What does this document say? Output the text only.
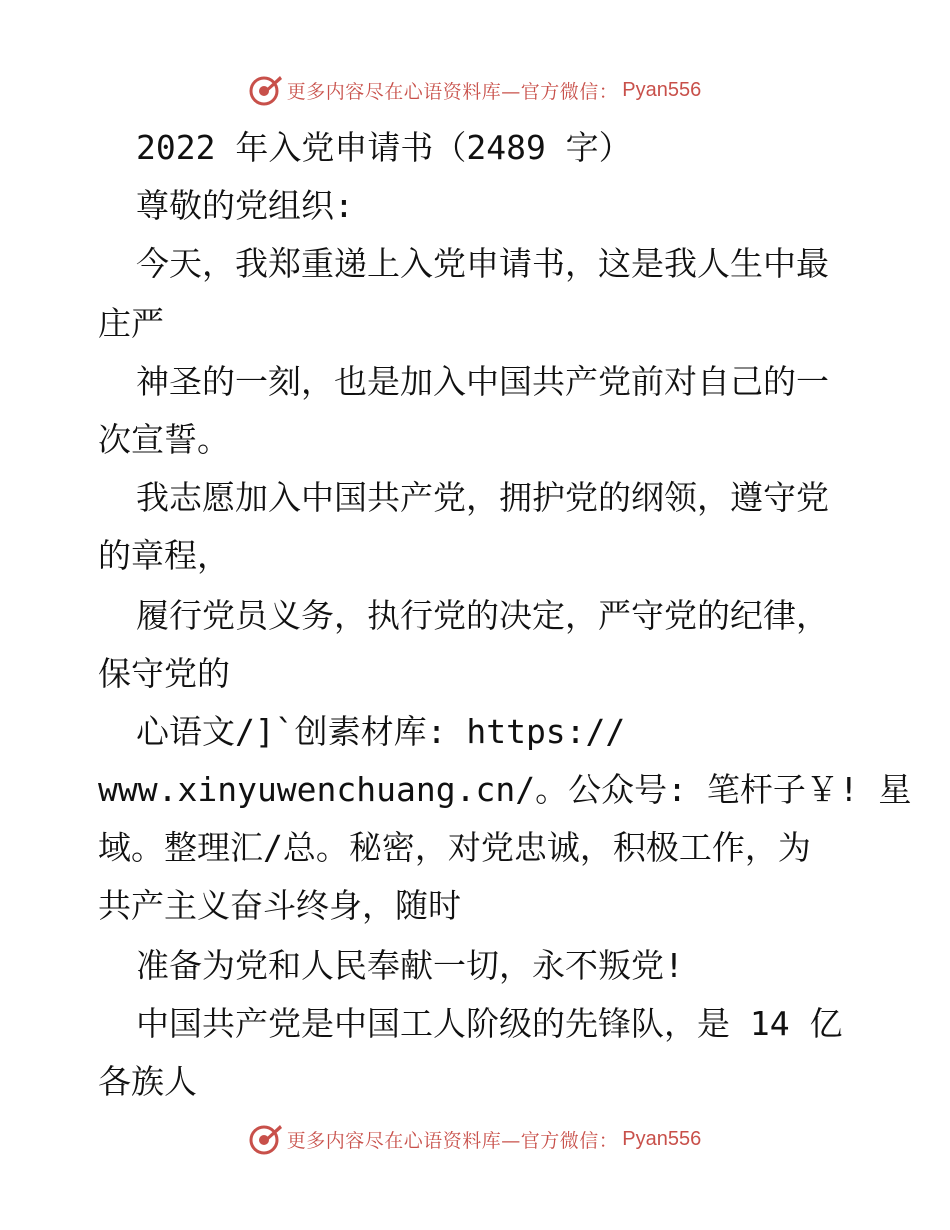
更多内容尽在心语资料库—官方微信： Pyan556
2022 年入党申请书（2489 字）
尊敬的党组织:
今天，我郑重递上入党申请书，这是我人生中最
庄严
神圣的一刻，也是加入中国共产党前对自己的一
次宣誓。
我志愿加入中国共产党，拥护党的纲领，遵守党
的章程，
履行党员义务，执行党的决定，严守党的纪律，
保守党的
心语文/]`创素材库: https://
www.xinyuwenchuang.cn/。公众号: 笔杆子￥! 星
域。整理汇/总。秘密，对党忠诚，积极工作，为
共产主义奋斗终身，随时
准备为党和人民奉献一切，永不叛党!
中国共产党是中国工人阶级的先锋队，是 14 亿
各族人
更多内容尽在心语资料库—官方微信： Pyan556
